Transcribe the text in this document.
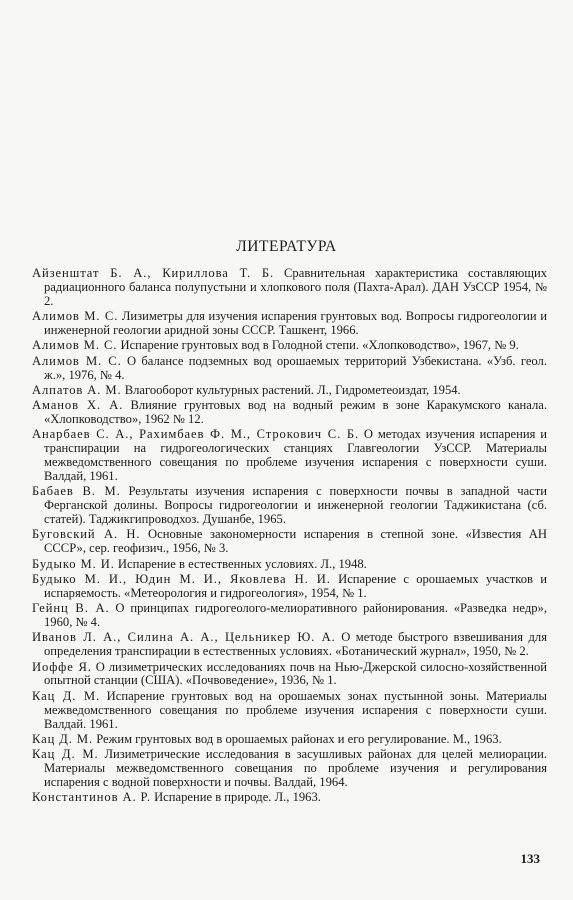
ЛИТЕРАТУРА

Айзенштат Б. А., Кириллова Т. Б. Сравнительная характеристика составляющих радиационного баланса полупустыни и хлопкового поля (Пахта-Арал). ДАН УзССР 1954, № 2.

Алимов М. С. Лизиметры для изучения испарения грунтовых вод. Вопросы гидрогеологии и инженерной геологии аридной зоны СССР. Ташкент, 1966.

Алимов М. С. Испарение грунтовых вод в Голодной степи. «Хлопководство», 1967, № 9.

Алимов М. С. О балансе подземных вод орошаемых территорий Узбекистана. «Узб. геол. ж.», 1976, № 4.

Алпатов А. М. Влагооборот культурных растений. Л., Гидрометеоиздат, 1954.

Аманов Х. А. Влияние грунтовых вод на водный режим в зоне Каракумского канала. «Хлопководство», 1962 № 12.

Анарбаев С. А., Рахимбаев Ф. М., Строкович С. Б. О методах изучения испарения и транспирации на гидрогеологических станциях Главгеологии УзССР. Материалы межведомственного совещания по проблеме изучения испарения с поверхности суши. Валдай, 1961.

Бабаев В. М. Результаты изучения испарения с поверхности почвы в западной части Ферганской долины. Вопросы гидрогеологии и инженерной геологии Таджикистана (сб. статей). Таджикгипроводхоз. Душанбе, 1965.

Буговский А. Н. Основные закономерности испарения в степной зоне. «Известия АН СССР», сер. геофизич., 1956, № 3.

Будыко М. И. Испарение в естественных условиях. Л., 1948.

Будыко М. И., Юдин М. И., Яковлева Н. И. Испарение с орошаемых участков и испаряемость. «Метеорология и гидрогеология», 1954, № 1.

Гейнц В. А. О принципах гидрогеолого-мелиоративного районирования. «Разведка недр», 1960, № 4.

Иванов Л. А., Силина А. А., Цельникер Ю. А. О методе быстрого взвешивания для определения транспирации в естественных условиях. «Ботанический журнал», 1950, № 2.

Иоффе Я. О лизиметрических исследованиях почв на Нью-Джерской силосно-хозяйственной опытной станции (США). «Почвоведение», 1936, № 1.

Кац Д. М. Испарение грунтовых вод на орошаемых зонах пустынной зоны. Материалы межведомственного совещания по проблеме изучения испарения с поверхности суши. Валдай. 1961.

Кац Д. М. Режим грунтовых вод в орошаемых районах и его регулирование. М., 1963.

Кац Д. М. Лизиметрические исследования в засушливых районах для целей мелиорации. Материалы межведомственного совещания по проблеме изучения и регулирования испарения с водной поверхности и почвы. Валдай, 1964.

Константинов А. Р. Испарение в природе. Л., 1963.

133
